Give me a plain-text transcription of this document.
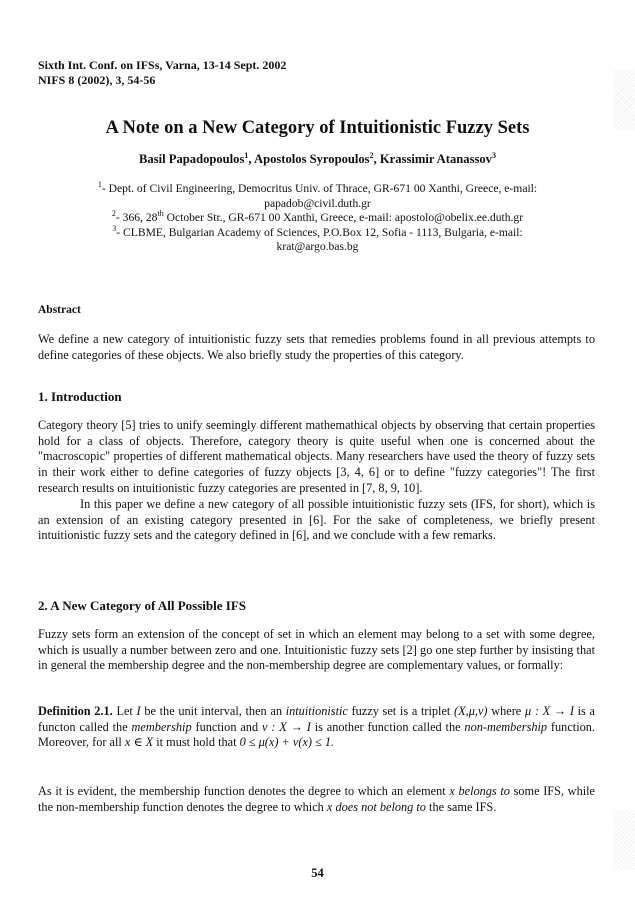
Sixth Int. Conf. on IFSs, Varna, 13-14 Sept. 2002
NIFS 8 (2002), 3, 54-56
A Note on a New Category of Intuitionistic Fuzzy Sets
Basil Papadopoulos$^1$, Apostolos Syropoulos$^2$, Krassimir Atanassov$^3$
$^1$- Dept. of Civil Engineering, Democritus Univ. of Thrace, GR-671 00 Xanthi, Greece, e-mail:
papadob@civil.duth.gr
$^2$- 366, 28th October Str., GR-671 00 Xanthi, Greece, e-mail: apostolo@obelix.ee.duth.gr
$^3$- CLBME, Bulgarian Academy of Sciences, P.O.Box 12, Sofia - 1113, Bulgaria, e-mail:
krat@argo.bas.bg
Abstract
We define a new category of intuitionistic fuzzy sets that remedies problems found in all previous attempts to define categories of these objects. We also briefly study the properties of this category.
1. Introduction
Category theory [5] tries to unify seemingly different mathemathical objects by observing that certain properties hold for a class of objects. Therefore, category theory is quite useful when one is concerned about the "macroscopic" properties of different mathematical objects. Many researchers have used the theory of fuzzy sets in their work either to define categories of fuzzy objects [3, 4, 6] or to define "fuzzy categories"! The first research results on intuitionistic fuzzy categories are presented in [7, 8, 9, 10].
In this paper we define a new category of all possible intuitionistic fuzzy sets (IFS, for short), which is an extension of an existing category presented in [6]. For the sake of completeness, we briefly present intuitionistic fuzzy sets and the category defined in [6], and we conclude with a few remarks.
2. A New Category of All Possible IFS
Fuzzy sets form an extension of the concept of set in which an element may belong to a set with some degree, which is usually a number between zero and one. Intuitionistic fuzzy sets [2] go one step further by insisting that in general the membership degree and the non-membership degree are complementary values, or formally:
Definition 2.1. Let I be the unit interval, then an intuitionistic fuzzy set is a triplet (X,μ,ν) where μ : X → I is a functon called the membership function and ν : X → I is another function called the non-membership function. Moreover, for all x ∈ X it must hold that 0 ≤ μ(x) + ν(x) ≤ 1.
As it is evident, the membership function denotes the degree to which an element x belongs to some IFS, while the non-membership function denotes the degree to which x does not belong to the same IFS.
54
